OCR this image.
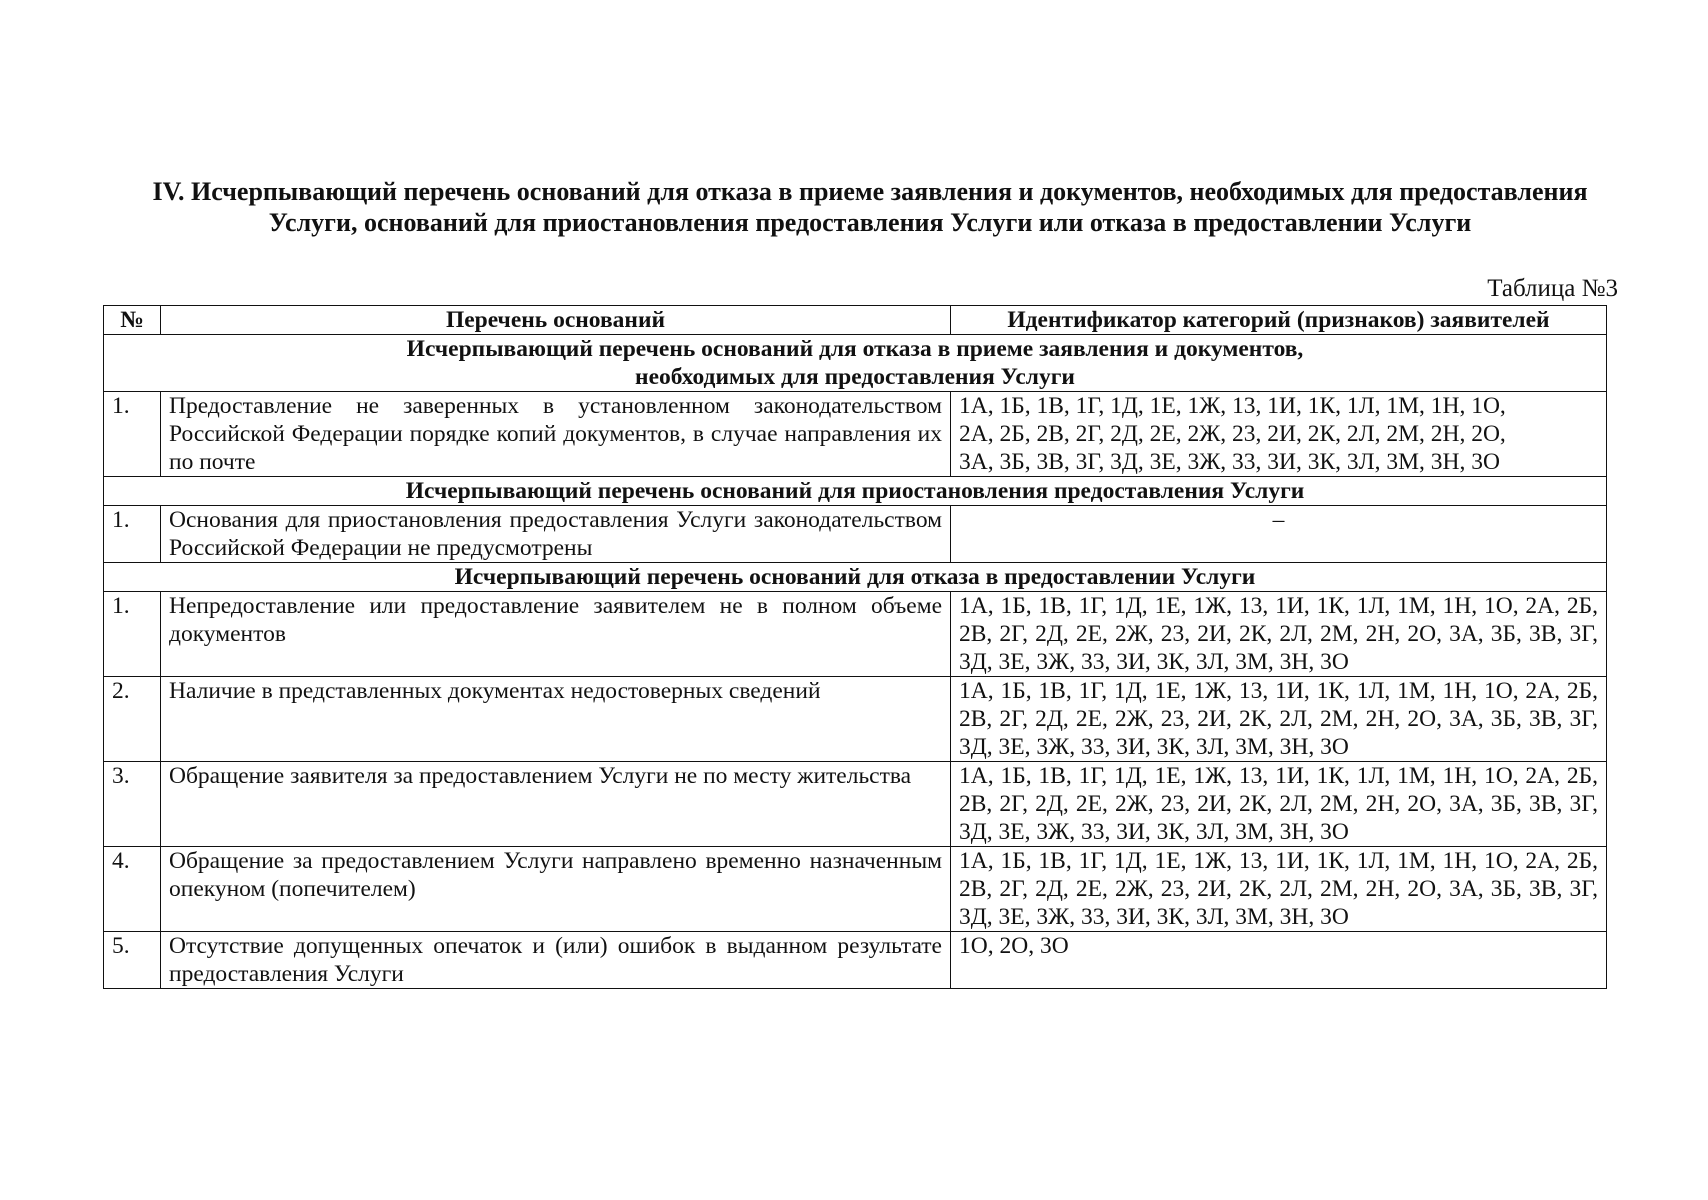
IV. Исчерпывающий перечень оснований для отказа в приеме заявления и документов, необходимых для предоставления Услуги, оснований для приостановления предоставления Услуги или отказа в предоставлении Услуги
Таблица №3
№	Перечень оснований	Идентификатор категорий (признаков) заявителей

Исчерпывающий перечень оснований для отказа в приеме заявления и документов,
необходимых для предоставления Услуги		

1.	Предоставление не заверенных в установленном законодательством Российской Федерации порядке копий документов, в случае направления их по почте	1А, 1Б, 1В, 1Г, 1Д, 1Е, 1Ж, 13, 1И, 1К, 1Л, 1М, 1Н, 1О,
2А, 2Б, 2В, 2Г, 2Д, 2Е, 2Ж, 23, 2И, 2К, 2Л, 2М, 2Н, 2О,
3А, 3Б, 3В, 3Г, 3Д, 3Е, 3Ж, 33, 3И, 3К, 3Л, 3М, 3Н, 3О

Исчерпывающий перечень оснований для приостановления предоставления Услуги		
1.	Основания для приостановления предоставления Услуги законодательством Российской Федерации не предусмотрены	–
Исчерпывающий перечень оснований для отказа в предоставлении Услуги		
1.	Непредоставление или предоставление заявителем не в полном объеме документов	1А, 1Б, 1В, 1Г, 1Д, 1Е, 1Ж, 13, 1И, 1К, 1Л, 1М, 1Н, 1О, 2А, 2Б, 2В, 2Г, 2Д, 2Е, 2Ж, 23, 2И, 2К, 2Л, 2М, 2Н, 2О, 3А, 3Б, 3В, 3Г, 3Д, 3Е, 3Ж, 33, 3И, 3К, 3Л, 3М, 3Н, 3О
2.	Наличие в представленных документах недостоверных сведений	1А, 1Б, 1В, 1Г, 1Д, 1Е, 1Ж, 13, 1И, 1К, 1Л, 1М, 1Н, 1О, 2А, 2Б, 2В, 2Г, 2Д, 2Е, 2Ж, 23, 2И, 2К, 2Л, 2М, 2Н, 2О, 3А, 3Б, 3В, 3Г, 3Д, 3Е, 3Ж, 33, 3И, 3К, 3Л, 3М, 3Н, 3О
3.	Обращение заявителя за предоставлением Услуги не по месту жительства	1А, 1Б, 1В, 1Г, 1Д, 1Е, 1Ж, 13, 1И, 1К, 1Л, 1М, 1Н, 1О, 2А, 2Б, 2В, 2Г, 2Д, 2Е, 2Ж, 23, 2И, 2К, 2Л, 2М, 2Н, 2О, 3А, 3Б, 3В, 3Г, 3Д, 3Е, 3Ж, 33, 3И, 3К, 3Л, 3М, 3Н, 3О
4.	Обращение за предоставлением Услуги направлено временно назначенным опекуном (попечителем)	1А, 1Б, 1В, 1Г, 1Д, 1Е, 1Ж, 13, 1И, 1К, 1Л, 1М, 1Н, 1О, 2А, 2Б, 2В, 2Г, 2Д, 2Е, 2Ж, 23, 2И, 2К, 2Л, 2М, 2Н, 2О, 3А, 3Б, 3В, 3Г, 3Д, 3Е, 3Ж, 33, 3И, 3К, 3Л, 3М, 3Н, 3О
5.	Отсутствие допущенных опечаток и (или) ошибок в выданном результате предоставления Услуги	1О, 2О, 3О
